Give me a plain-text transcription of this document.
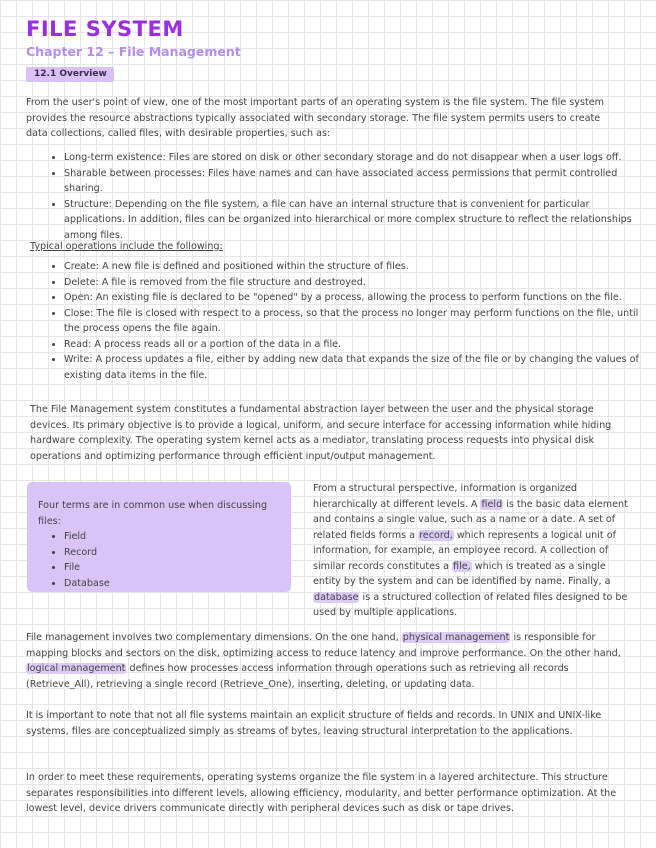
FILE SYSTEM
Chapter 12 – File Management
12.1 Overview

From the user's point of view, one of the most important parts of an operating system is the file system. The file system provides the resource abstractions typically associated with secondary storage. The file system permits users to create data collections, called files, with desirable properties, such as:

• Long-term existence: Files are stored on disk or other secondary storage and do not disappear when a user logs off.
• Sharable between processes: Files have names and can have associated access permissions that permit controlled sharing.
• Structure: Depending on the file system, a file can have an internal structure that is convenient for particular applications. In addition, files can be organized into hierarchical or more complex structure to reflect the relationships among files.

Typical operations include the following:

• Create: A new file is defined and positioned within the structure of files.
• Delete: A file is removed from the file structure and destroyed.
• Open: An existing file is declared to be "opened" by a process, allowing the process to perform functions on the file.
• Close: The file is closed with respect to a process, so that the process no longer may perform functions on the file, until the process opens the file again.
• Read: A process reads all or a portion of the data in a file.
• Write: A process updates a file, either by adding new data that expands the size of the file or by changing the values of existing data items in the file.

The File Management system constitutes a fundamental abstraction layer between the user and the physical storage devices. Its primary objective is to provide a logical, uniform, and secure interface for accessing information while hiding hardware complexity. The operating system kernel acts as a mediator, translating process requests into physical disk operations and optimizing performance through efficient input/output management.

Four terms are in common use when discussing files:

• Field
• Record
• File
• Database

From a structural perspective, information is organized hierarchically at different levels. A field is the basic data element and contains a single value, such as a name or a date. A set of related fields forms a record, which represents a logical unit of information, for example, an employee record. A collection of similar records constitutes a file, which is treated as a single entity by the system and can be identified by name. Finally, a database is a structured collection of related files designed to be used by multiple applications.

File management involves two complementary dimensions. On the one hand, physical management is responsible for mapping blocks and sectors on the disk, optimizing access to reduce latency and improve performance. On the other hand, logical management defines how processes access information through operations such as retrieving all records (Retrieve_All), retrieving a single record (Retrieve_One), inserting, deleting, or updating data.

It is important to note that not all file systems maintain an explicit structure of fields and records. In UNIX and UNIX-like systems, files are conceptualized simply as streams of bytes, leaving structural interpretation to the applications.

In order to meet these requirements, operating systems organize the file system in a layered architecture. This structure separates responsibilities into different levels, allowing efficiency, modularity, and better performance optimization. At the lowest level, device drivers communicate directly with peripheral devices such as disk or tape drives.
